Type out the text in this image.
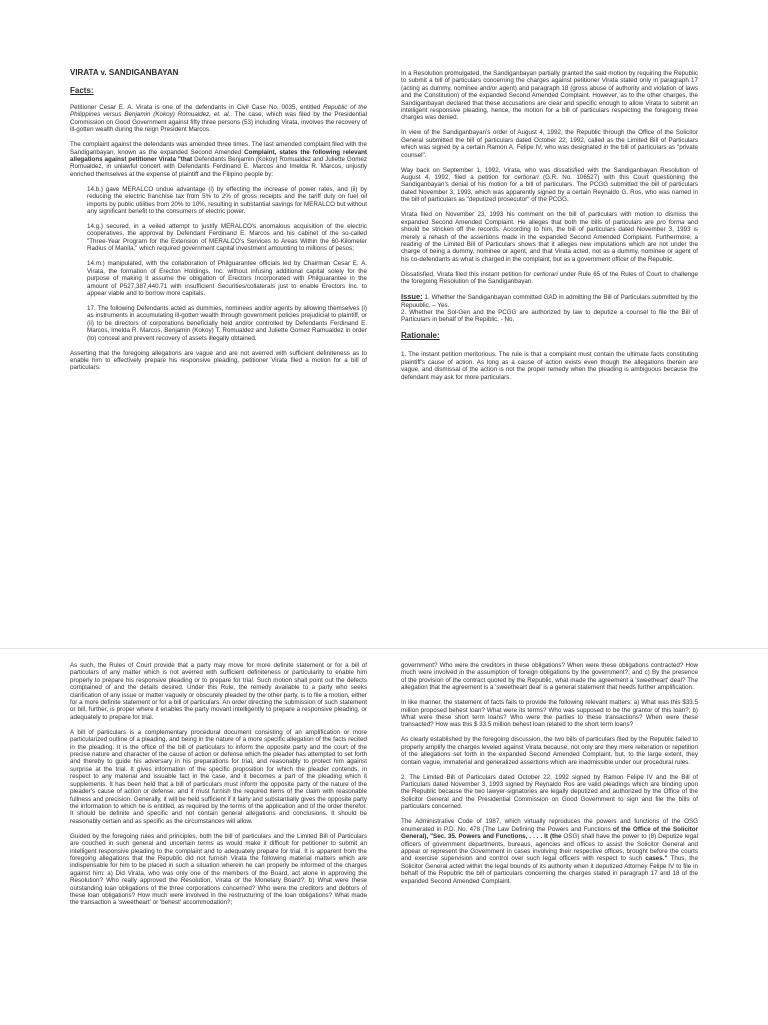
VIRATA v. SANDIGANBAYAN
Facts:

Petitioner Cesar E. A. Virata is one of the defendants in Civil Case No. 0035, entitled Republic of the Philippines versus Benjamin (Kokoy) Romualdez, et. al.. The case, which was filed by the Presidential Commission on Good Government against fifty three persons (53) including Virata, involves the recovery of ill-gotten wealth during the reign President Marcos.

The complaint against the defendants was amended three times. The last amended complaint filed with the Sandiganbayan, known as the expanded Second Amended Complaint, states the following relevant allegations against petitioner Virata "that Defendants Benjamin (Kokoy) Romualdez and Juliette Gomez Romualdez, in unlawful concert with Defendants Ferdinand E. Marcos and Imelda R. Marcos, unjustly enriched themselves at the expense of plaintiff and the Filipino people by:

14.b.) gave MERALCO undue advantage (i) by effecting the increase of power rates, and (ii) by reducing the electric franchise tax from 5% to 2% of gross receipts and the tariff duty on fuel oil imports by public utilities from 20% to 10%, resulting in substantial savings for MERALCO but without any significant benefit to the consumers of electric power.

14.g.) secured, in a veiled attempt to justify MERALCO's anomalous acquisition of the electric cooperatives, the approval by Defendant Ferdinand E. Marcos and his cabinet of the so-called "Three-Year Program for the Extension of MERALCO's Services to Areas Within the 60-Kilometer Radius of Manila," which required government capital investment amounting to millions of pesos;

14.m.) manipulated, with the collaboration of Philguarantee officials led by Chairman Cesar E. A. Virata, the formation of Erecton Holdings, Inc. without infusing additional capital solely for the purpose of making it assume the obligation of Erectors Incorporated with Philguarantee in the amount of P527,387,440.71 with insufficient Securities/collaterals just to enable Erectors Inc. to appear viable and to borrow more capitals.

17. The following Defendants acted as dummies, nominees and/or agents by allowing themselves (i) as instruments in accumulating ill-gotten wealth through government policies prejudicial to plaintiff, or (ii) to be directors of corporations beneficially held and/or controlled by Defendants Ferdinand E. Marcos, Imelda R. Marcos, Benjamin (Kokoy) T. Romualdez and Juliette Gomez Ramualdez in order (to) conceal and prevent recovery of assets illegally obtained.

Asserting that the foregoing allegations are vague and are not averred with sufficient definiteness as to enable him to effectively prepare his responsive pleading, petitioner Virata filed a motion for a bill of particulars.

In a Resolution promulgated, the Sandiganbayan partially granted the said motion by requiring the Republic to submit a bill of particulars concerning the charges against petitioner Virata stated only in paragraph 17 (acting as dummy, nominee and/or agent) and paragraph 18 (gross abuse of authority and violation of laws and the Constitution) of the expanded Second Amended Complaint. However, as to the other charges, the Sandiganbayan declared that these accusations are clear and specific enough to allow Virata to submit an intelligent responsive pleading, hence, the motion for a bill of particulars respecting the foregoing three charges was denied.

In view of the Sandiganbayan's order of August 4, 1992, the Republic through the Office of the Solicitor General submitted the bill of particulars dated October 22, 1992, called as the Limited Bill of Particulars which was signed by a certain Ramon A. Felipe IV, who was designated in the bill of particulars as "private counsel".

Way back on September 1, 1992, Virata, who was dissatisfied with the Sandiganbayan Resolution of August 4, 1992, filed a petition for certiorari (G.R. No. 106527) with this Court questioning the Sandiganbayan's denial of his motion for a bill of particulars. The PCGG submitted the bill of particulars dated November 3, 1993, which was apparently signed by a certain Reynaldo G. Ros, who was named in the bill of particulars as "deputized prosecutor" of the PCGG.

Virata filed on November 23, 1993 his comment on the bill of particulars with motion to dismiss the expanded Second Amended Complaint. He alleges that both the bills of particulars are pro forma and should be stricken off the records. According to him, the bill of particulars dated November 3, 1993 is merely a rehash of the assertions made in the expanded Second Amended Complaint. Furthermore, a reading of the Limited Bill of Particulars shows that it alleges new imputations which are not under the charge of being a dummy, nominee or agent, and that Virata acted, not as a dummy, nominee or agent of his co-defendants as what is charged in the complaint, but as a government officer of the Republic.

Dissatisfied, Virata filed this instant petition for certiorari under Rule 65 of the Rules of Court to challenge the foregoing Resolution of the Sandiganbayan.

Issue: 1. Whether the Sandiganbayan committed GAD in admitting the Bill of Particulars submitted by the Repuublic. – Yes.

2. Whether the Sol-Gen and the PCGG are authorized by law to deputize a counsel to file the Bill of Particulars in behalf of the Repiblic. - No.

Rationale:

1. The instant petition meritorious. The rule is that a complaint must contain the ultimate facts constituting plaintiff's cause of action. As long as a cause of action exists even though the allegations therein are vague, and dismissal of the action is not the proper remedy when the pleading is ambiguous because the defendant may ask for more particulars.

As such, the Rules of Court provide that a party may move for more definite statement or for a bill of particulars of any matter which is not averred with sufficient definiteness or particularity to enable him properly to prepare his responsive pleading or to prepare for trial. Such motion shall point out the defects complained of and the details desired. Under this Rule, the remedy available to a party who seeks clarification of any issue or matter vaguely or obscurely pleaded by the other party, is to file a motion, either for a more definite statement or for a bill of particulars. An order directing the submission of such statement or bill, further, is proper where it enables the party movant intelligently to prepare a responsive pleading, or adequately to prepare for trial.

A bill of particulars is a complementary procedural document consisting of an amplification or more particularized outline of a pleading, and being in the nature of a more specific allegation of the facts recited in the pleading. It is the office of the bill of particulars to inform the opposite party and the court of the precise nature and character of the cause of action or defense which the pleader has attempted to set forth and thereby to guide his adversary in his preparations for trial, and reasonably to protect him against surprise at the trial. It gives information of the specific proposition for which the pleader contends, in respect to any material and issuable fact in the case, and it becomes a part of the pleading which it supplements. It has been held that a bill of particulars must inform the opposite party of the nature of the pleader's cause of action or defense, and it must furnish the required items of the claim with reasonable fullness and precision. Generally, it will be held sufficient if it fairly and substantially gives the opposite party the information to which he is entitled, as required by the terms of the application and of the order therefor. It should be definite and specific and not contain general allegations and conclusions. It should be reasonably certain and as specific as the circumstances will allow.

Guided by the foregoing rules and principles, both the bill of particulars and the Limited Bill of Particulars are couched in such general and uncertain terms as would make it difficult for petitioner to submit an intelligent responsive pleading to the complaint and to adequately prepare for trial. It is apparent from the foregoing allegations that the Republic did not furnish Virata the following material matters which are indispensable for him to be placed in such a situation wherein he can properly be informed of the charges against him: a) Did Virata, who was only one of the members of the Board, act alone in approving the Resolution? Who really approved the Resolution, Virata or the Monetary Board?; b) What were these outstanding loan obligations of the three corporations concerned? Who were the creditors and debtors of these loan obligations? How much were involved in the restructuring of the loan obligations? What made the transaction a 'sweetheart' or 'behest' accommodation?;

government? Who were the creditors in these obligations? When were these obligations contracted? How much were involved in the assumption of foreign obligations by the government?; and c) By the presence of the provision of the contract quoted by the Republic, what made the agreement a 'sweetheart' deal? The allegation that the agreement is a 'sweetheart deal' is a general statement that needs further amplification.

In like manner, the statement of facts fails to provide the following relevant matters: a) What was this $33.5 million proposed behest loan? What were its terms? Who was supposed to be the grantor of this loan?; b) What were these short term loans? Who were the parties to these transactions? When were these transacted? How was this $ 33.5 million behest loan related to the short term loans?

As clearly established by the foregoing discussion, the two bills of particulars filed by the Republic failed to properly amplify the charges leveled against Virata because, not only are they mere reiteration or repetition of the allegations set forth in the expanded Second Amended Complaint, but, to the large extent, they contain vague, immaterial and generalized assertions which are inadmissible under our procedural rules.

2. The Limited Bill of Particulars dated October 22, 1992 signed by Ramon Felipe IV and the Bill of Particulars dated November 3, 1993 signed by Reynaldo Ros are valid pleadings which are binding upon the Republic because the two lawyer-signatories are legally deputized and authorized by the Office of the Solicitor General and the Presidential Commission on Good Government to sign and file the bills of particulars concerned.

The Administrative Code of 1987, which virtually reproduces the powers and functions of the OSG enumerated in P.D. No. 478 (The Law Defining the Powers and Functions of the Office of the Solicitor General), "Sec. 35. Powers and Functions, . . . . It (the OSG) shall have the power to (8) Deputize legal officers of government departments, bureaus, agencies and offices to assist the Solicitor General and appear or represent the Government in cases involving their respective offices, brought before the courts and exercise supervision and control over such legal officers with respect to such cases." Thus, the Solicitor General acted within the legal bounds of its authority when it deputized Attorney Felipe IV to file in behalf of the Republic the bill of particulars concerning the charges stated in paragraph 17 and 18 of the expanded Second Amended Complaint.
